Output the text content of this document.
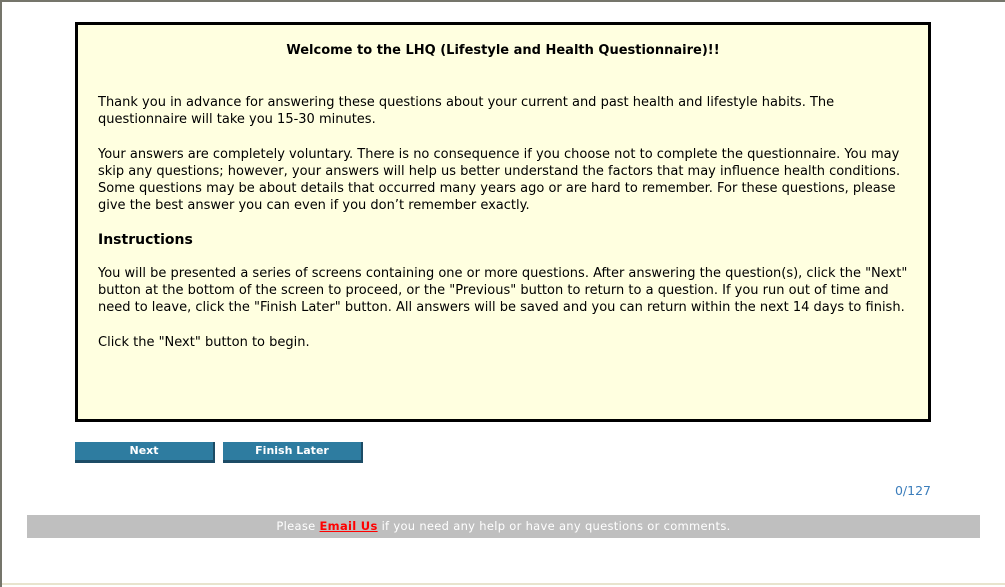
Welcome to the LHQ (Lifestyle and Health Questionnaire)!!

Thank you in advance for answering these questions about your current and past health and lifestyle habits. The questionnaire will take you 15-30 minutes.

Your answers are completely voluntary. There is no consequence if you choose not to complete the questionnaire. You may skip any questions; however, your answers will help us better understand the factors that may influence health conditions. Some questions may be about details that occurred many years ago or are hard to remember. For these questions, please give the best answer you can even if you don’t remember exactly.

Instructions

You will be presented a series of screens containing one or more questions. After answering the question(s), click the "Next" button at the bottom of the screen to proceed, or the "Previous" button to return to a question. If you run out of time and need to leave, click the "Finish Later" button. All answers will be saved and you can return within the next 14 days to finish.

Click the "Next" button to begin.

Next	Finish Later
0/127
Please Email Us if you need any help or have any questions or comments.
